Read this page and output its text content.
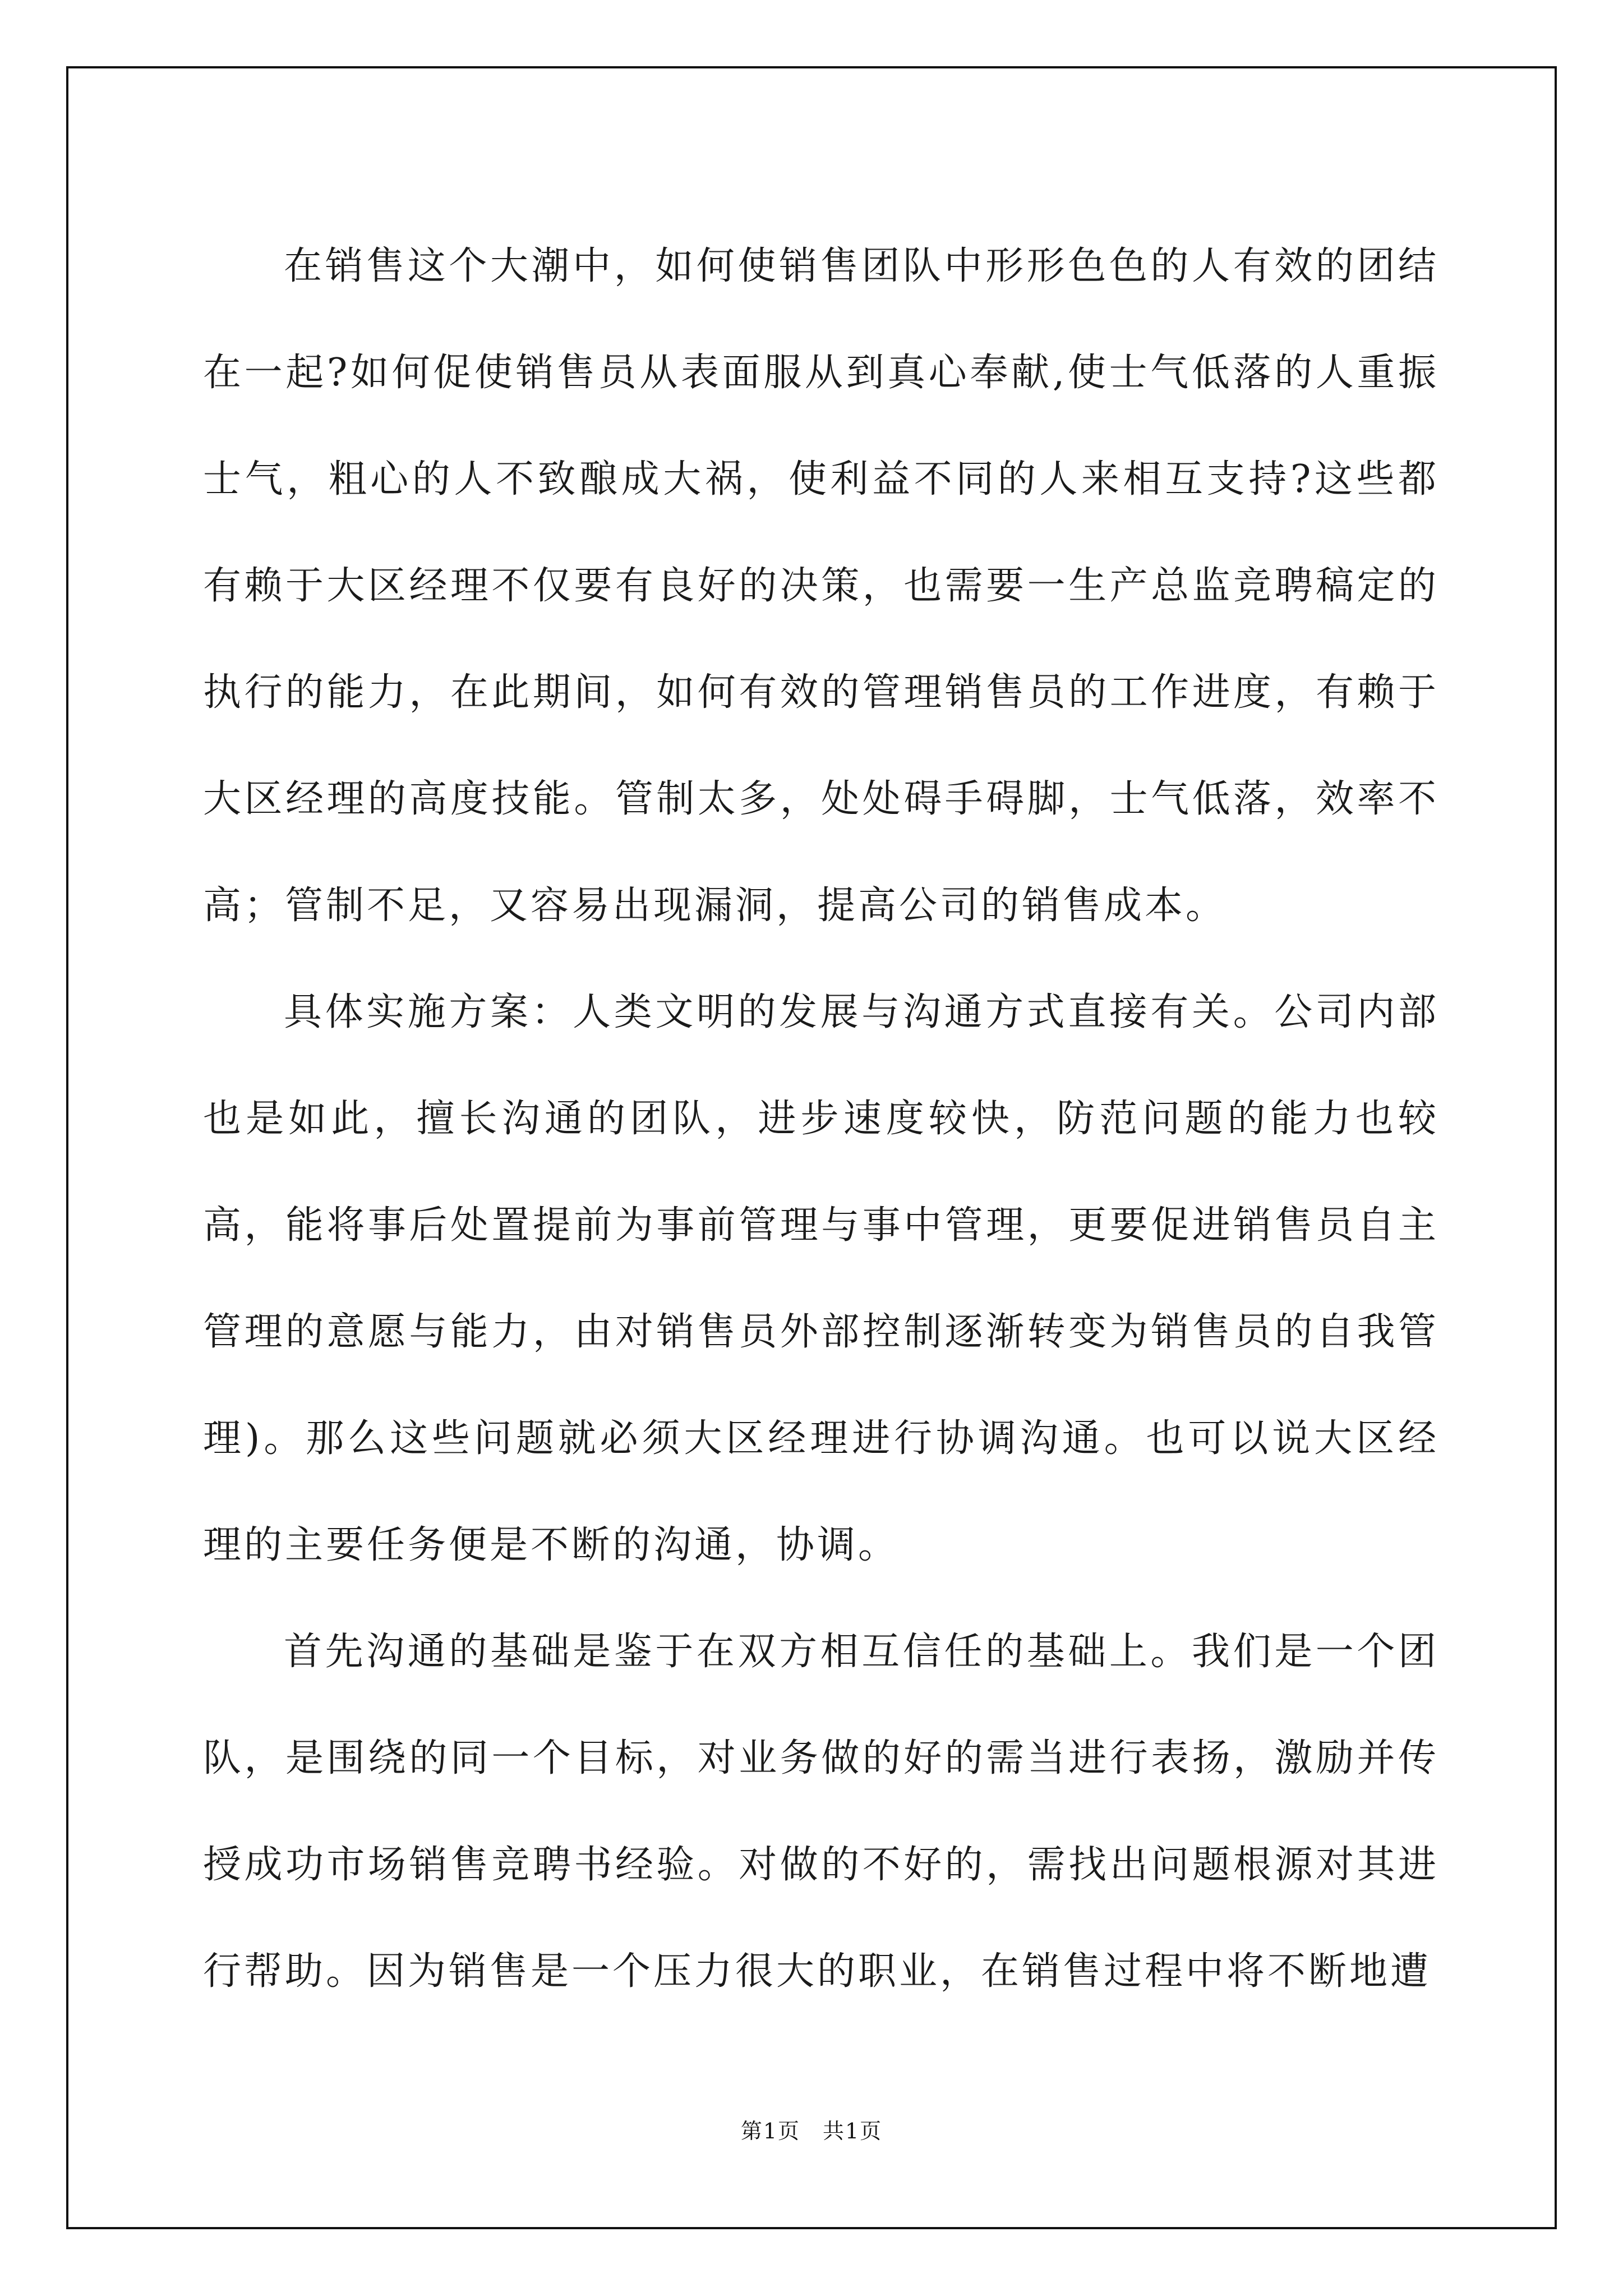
在销售这个大潮中，如何使销售团队中形形色色的人有效的团结在一起?如何促使销售员从表面服从到真心奉献,使士气低落的人重振士气，粗心的人不致酿成大祸，使利益不同的人来相互支持?这些都有赖于大区经理不仅要有良好的决策，也需要一生产总监竞聘稿定的执行的能力，在此期间，如何有效的管理销售员的工作进度，有赖于大区经理的高度技能。管制太多，处处碍手碍脚，士气低落，效率不高；管制不足，又容易出现漏洞，提高公司的销售成本。

具体实施方案：人类文明的发展与沟通方式直接有关。公司内部也是如此，擅长沟通的团队，进步速度较快，防范问题的能力也较高，能将事后处置提前为事前管理与事中管理，更要促进销售员自主管理的意愿与能力，由对销售员外部控制逐渐转变为销售员的自我管理)。那么这些问题就必须大区经理进行协调沟通。也可以说大区经理的主要任务便是不断的沟通，协调。

首先沟通的基础是鉴于在双方相互信任的基础上。我们是一个团队，是围绕的同一个目标，对业务做的好的需当进行表扬，激励并传授成功市场销售竞聘书经验。对做的不好的，需找出问题根源对其进行帮助。因为销售是一个压力很大的职业，在销售过程中将不断地遭

第1页　共1页
